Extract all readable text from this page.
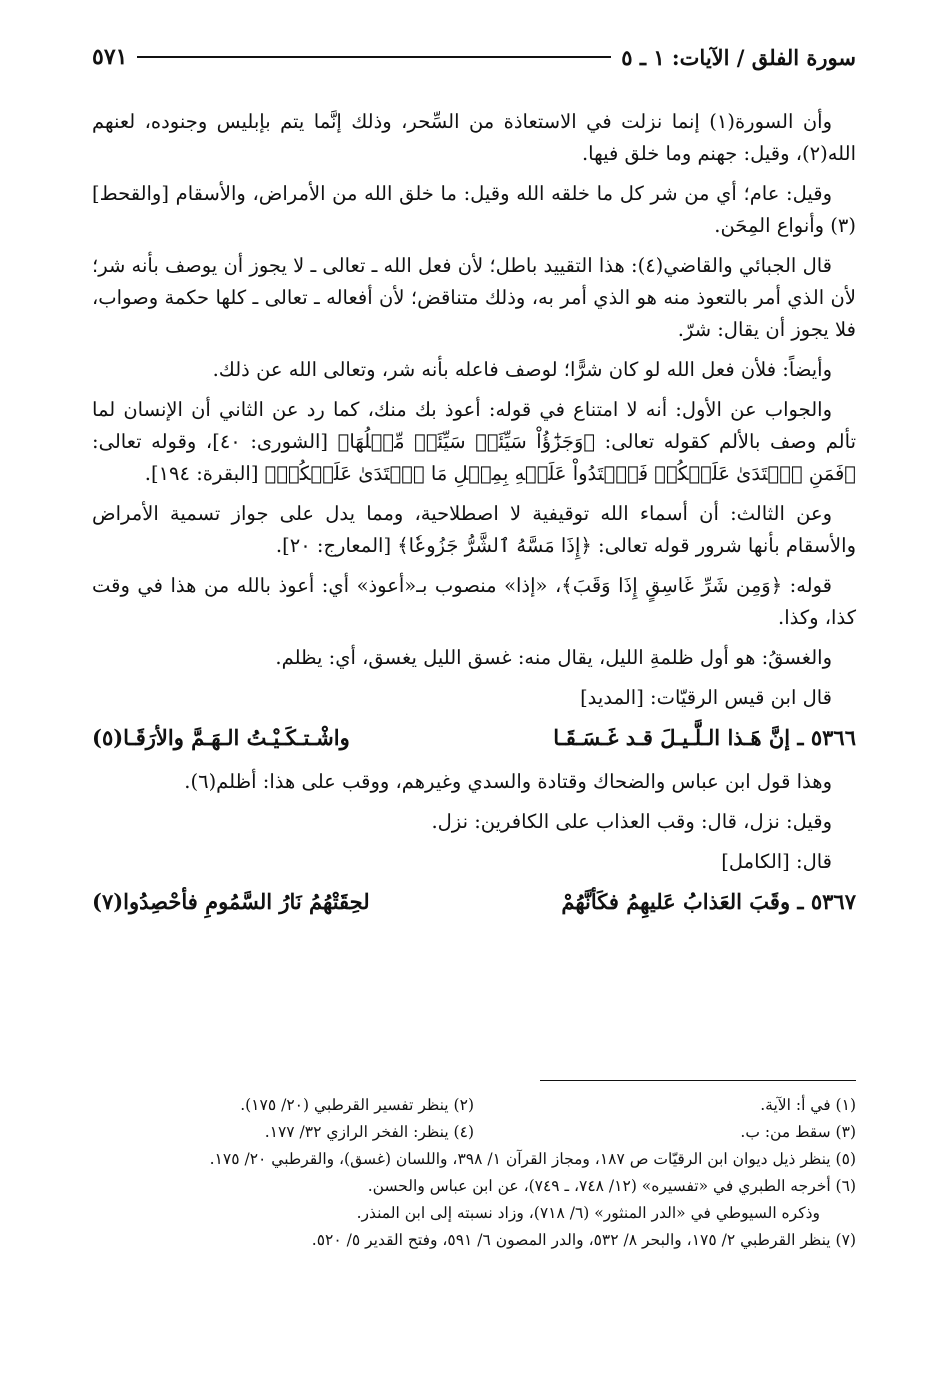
سورة الفلق / الآيات: ١ ـ ٥
٥٧١

وأن السورة(١) إنما نزلت في الاستعاذة من السِّحر، وذلك إنَّما يتم بإبليس وجنوده، لعنهم الله(٢)، وقيل: جهنم وما خلق فيها.

وقيل: عام؛ أي من شر كل ما خلقه الله وقيل: ما خلق الله من الأمراض، والأسقام [والقحط](٣) وأنواع المِحَن.

قال الجبائي والقاضي(٤): هذا التقييد باطل؛ لأن فعل الله ـ تعالى ـ لا يجوز أن يوصف بأنه شر؛ لأن الذي أمر بالتعوذ منه هو الذي أمر به، وذلك متناقض؛ لأن أفعاله ـ تعالى ـ كلها حكمة وصواب، فلا يجوز أن يقال: شرّ.

وأيضاً: فلأن فعل الله لو كان شرًّا؛ لوصف فاعله بأنه شر، وتعالى الله عن ذلك.

والجواب عن الأول: أنه لا امتناع في قوله: أعوذ بك منك، كما رد عن الثاني أن الإنسان لما تألم وصف بالألم كقوله تعالى: ﴿وَجَزَٰٓؤُاْ سَيِّئَةٖ سَيِّئَةٞ مِّثۡلُهَا﴾ [الشورى: ٤٠]، وقوله تعالى: ﴿فَمَنِ ٱعۡتَدَىٰ عَلَيۡكُمۡ فَٱعۡتَدُواْ عَلَيۡهِ بِمِثۡلِ مَا ٱعۡتَدَىٰ عَلَيۡكُمۡ﴾ [البقرة: ١٩٤].

وعن الثالث: أن أسماء الله توقيفية لا اصطلاحية، ومما يدل على جواز تسمية الأمراض والأسقام بأنها شرور قوله تعالى: ﴿إِذَا مَسَّهُ ٱلشَّرُّ جَزُوعٗا﴾ [المعارج: ٢٠].

قوله: ﴿وَمِن شَرِّ غَاسِقٍ إِذَا وَقَبَ﴾، «إذا» منصوب بـ«أعوذ» أي: أعوذ بالله من هذا في وقت كذا، وكذا.

والغسقُ: هو أول ظلمةِ الليل، يقال منه: غسق الليل يغسق، أي: يظلم.

قال ابن قيس الرقيّات: [المديد]

٥٣٦٦ ـ إنَّ هَـذا الـلَّـيـلَ قـد غَـسَـقَـا
واشْـتـكَـيْـتُ الـهَـمَّ والأرَقَـا(٥)

وهذا قول ابن عباس والضحاك وقتادة والسدي وغيرهم، ووقب على هذا: أظلم(٦).

وقيل: نزل، قال: وقب العذاب على الكافرين: نزل.

قال: [الكامل]

٥٣٦٧ ـ وقَبَ العَذابُ عَليهِمُ فكَأنَّهُمْ
لحِقَتْهُمُ نَارُ السَّمُومِ فأحْصِدُوا(٧)
(١) في أ: الآية.
(٢) ينظر تفسير القرطبي (٢٠/ ١٧٥).
(٣) سقط من: ب.
(٤) ينظر: الفخر الرازي ٣٢/ ١٧٧.
(٥) ينظر ذيل ديوان ابن الرقيّات ص ١٨٧، ومجاز القرآن ١/ ٣٩٨، واللسان (غسق)، والقرطبي ٢٠/ ١٧٥.
(٦) أخرجه الطبري في «تفسيره» (١٢/ ٧٤٨، ـ ٧٤٩)، عن ابن عباس والحسن.
وذكره السيوطي في «الدر المنثور» (٦/ ٧١٨)، وزاد نسبته إلى ابن المنذر.
(٧) ينظر القرطبي ٢/ ١٧٥، والبحر ٨/ ٥٣٢، والدر المصون ٦/ ٥٩١، وفتح القدير ٥/ ٥٢٠.
